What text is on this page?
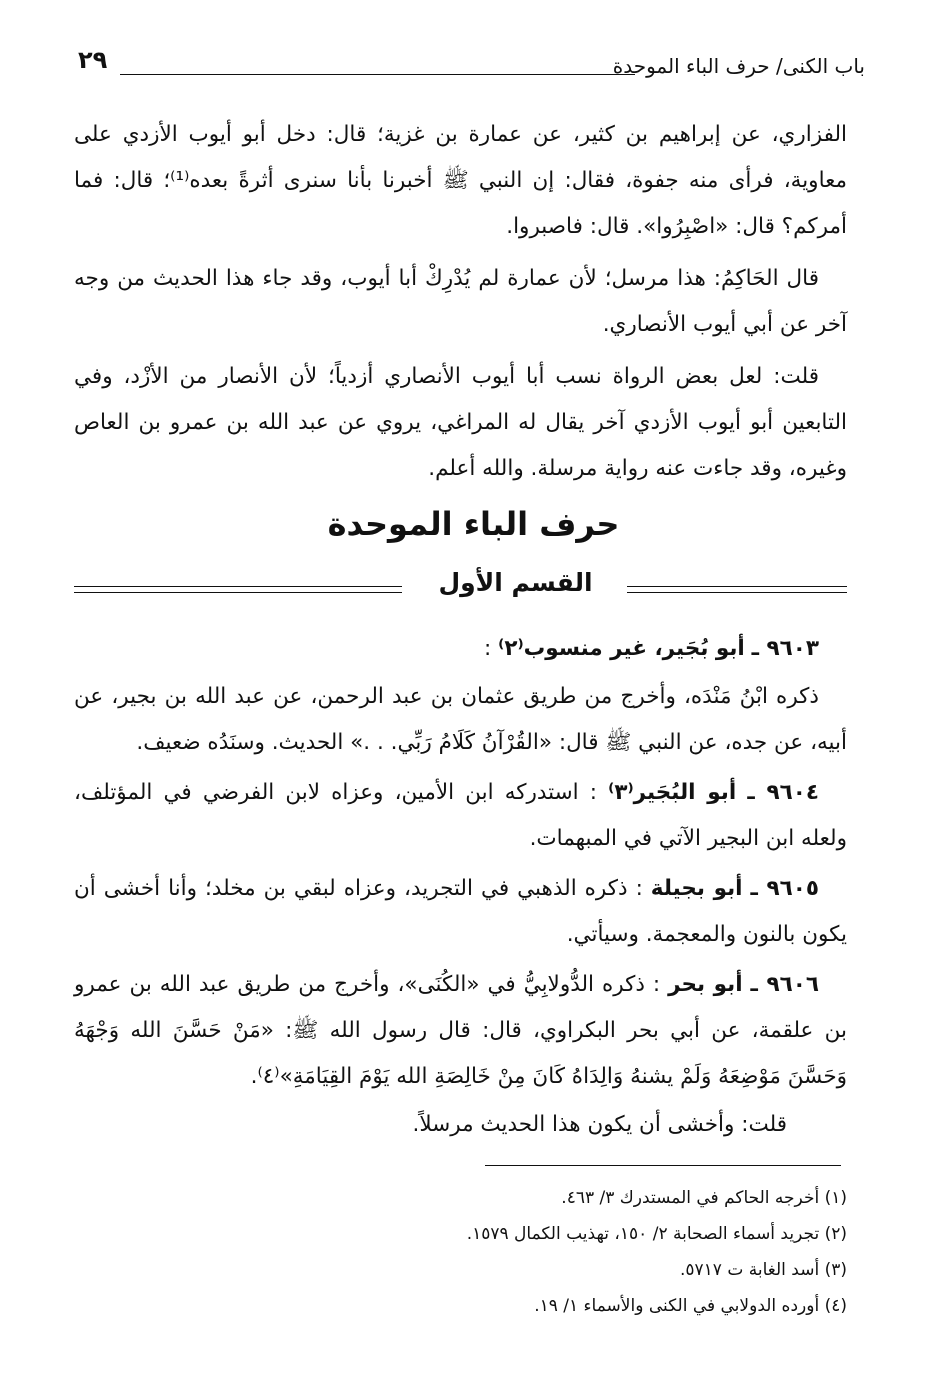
٢٩	باب الكنى/ حرف الباء الموحدة

الفزاري، عن إبراهيم بن كثير، عن عمارة بن غزية؛ قال: دخل أبو أيوب الأزدي على معاوية، فرأى منه جفوة، فقال: إن النبي ﷺ أخبرنا بأنا سنرى أثرةً بعده⁽¹⁾؛ قال: فما أمركم؟ قال: «اصْبِرُوا». قال: فاصبروا.

قال الحَاكِمُ: هذا مرسل؛ لأن عمارة لم يُدْرِكْ أبا أيوب، وقد جاء هذا الحديث من وجه آخر عن أبي أيوب الأنصاري.

قلت: لعل بعض الرواة نسب أبا أيوب الأنصاري أزدياً؛ لأن الأنصار من الأزْد، وفي التابعين أبو أيوب الأزدي آخر يقال له المراغي، يروي عن عبد الله بن عمرو بن العاص وغيره، وقد جاءت عنه رواية مرسلة. والله أعلم.

حرف الباء الموحدة
القسم الأول

٩٦٠٣ ـ أبو بُجَير، غير منسوب⁽٢⁾ :

ذكره ابْنُ مَنْدَه، وأخرج من طريق عثمان بن عبد الرحمن، عن عبد الله بن بجير، عن أبيه، عن جده، عن النبي ﷺ قال: «القُرْآنُ كَلَامُ رَبِّي. . .» الحديث. وسنَدُه ضعيف.

٩٦٠٤ ـ أبو البُجَير⁽٣⁾ : استدركه ابن الأمين، وعزاه لابن الفرضي في المؤتلف، ولعله ابن البجير الآتي في المبهمات.

٩٦٠٥ ـ أبو بجيلة : ذكره الذهبي في التجريد، وعزاه لبقي بن مخلد؛ وأنا أخشى أن يكون بالنون والمعجمة. وسيأتي.

٩٦٠٦ ـ أبو بحر : ذكره الدُّولابِيُّ في «الكُنَى»، وأخرج من طريق عبد الله بن عمرو بن علقمة، عن أبي بحر البكراوي، قال: قال رسول الله ﷺ: «مَنْ حَسَّنَ الله وَجْهَهُ وَحَسَّنَ مَوْضِعَهُ وَلَمْ يشنهُ وَالِدَاهُ كَانَ مِنْ خَالِصَةِ الله يَوْمَ القِيَامَةِ»⁽٤⁾.

قلت: وأخشى أن يكون هذا الحديث مرسلاً.

(١) أخرجه الحاكم في المستدرك ٣/ ٤٦٣.

(٢) تجريد أسماء الصحابة ٢/ ١٥٠، تهذيب الكمال ١٥٧٩.

(٣) أسد الغابة ت ٥٧١٧.

(٤) أورده الدولابي في الكنى والأسماء ١/ ١٩.
